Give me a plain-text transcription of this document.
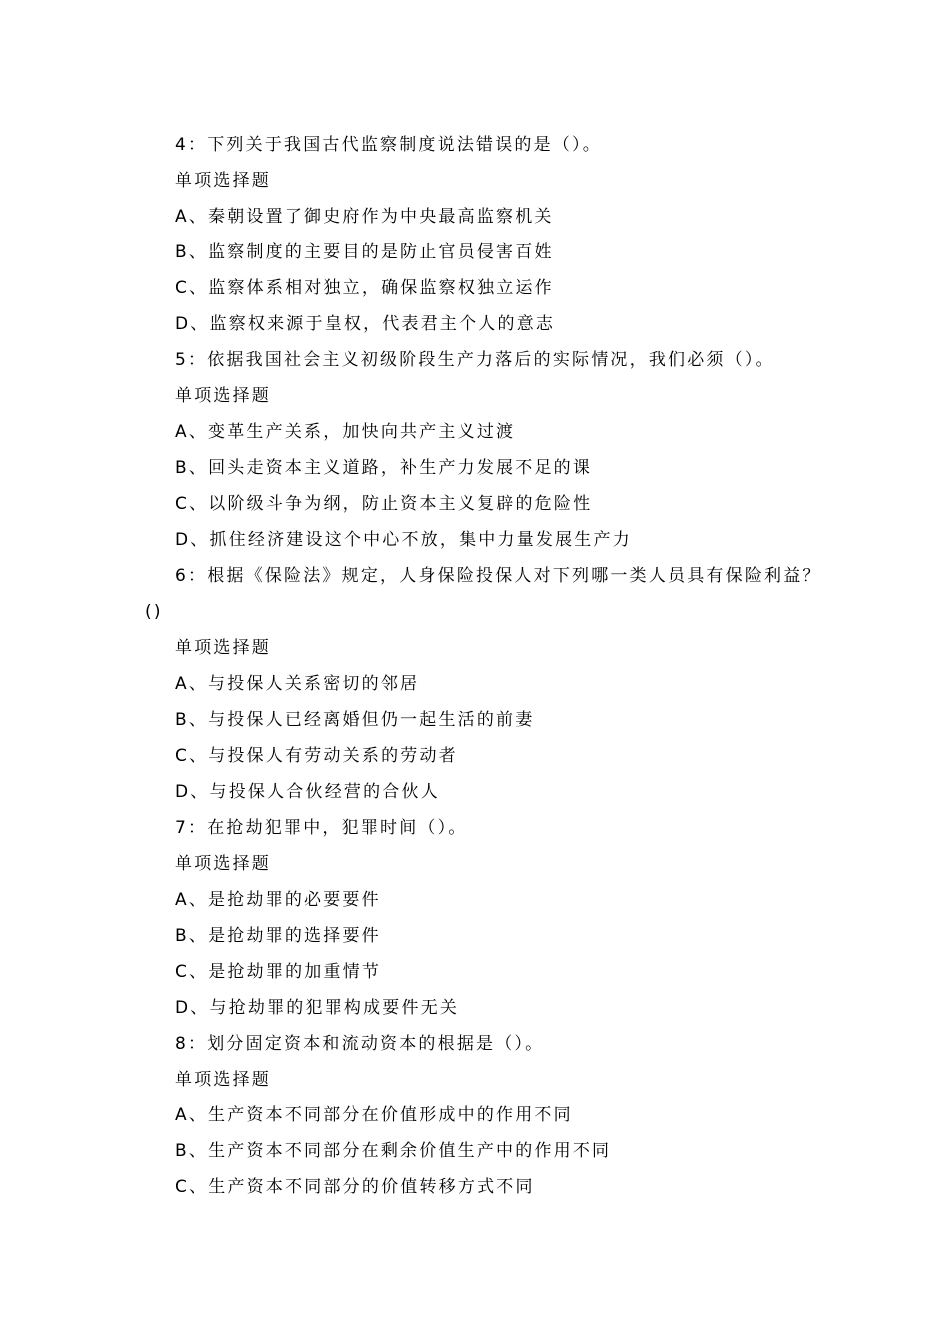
4：下列关于我国古代监察制度说法错误的是（）。
单项选择题
A、秦朝设置了御史府作为中央最高监察机关
B、监察制度的主要目的是防止官员侵害百姓
C、监察体系相对独立，确保监察权独立运作
D、监察权来源于皇权，代表君主个人的意志
5：依据我国社会主义初级阶段生产力落后的实际情况，我们必须（）。
单项选择题
A、变革生产关系，加快向共产主义过渡
B、回头走资本主义道路，补生产力发展不足的课
C、以阶级斗争为纲，防止资本主义复辟的危险性
D、抓住经济建设这个中心不放，集中力量发展生产力
6：根据《保险法》规定，人身保险投保人对下列哪一类人员具有保险利益？
()
单项选择题
A、与投保人关系密切的邻居
B、与投保人已经离婚但仍一起生活的前妻
C、与投保人有劳动关系的劳动者
D、与投保人合伙经营的合伙人
7：在抢劫犯罪中，犯罪时间（）。
单项选择题
A、是抢劫罪的必要要件
B、是抢劫罪的选择要件
C、是抢劫罪的加重情节
D、与抢劫罪的犯罪构成要件无关
8：划分固定资本和流动资本的根据是（）。
单项选择题
A、生产资本不同部分在价值形成中的作用不同
B、生产资本不同部分在剩余价值生产中的作用不同
C、生产资本不同部分的价值转移方式不同
